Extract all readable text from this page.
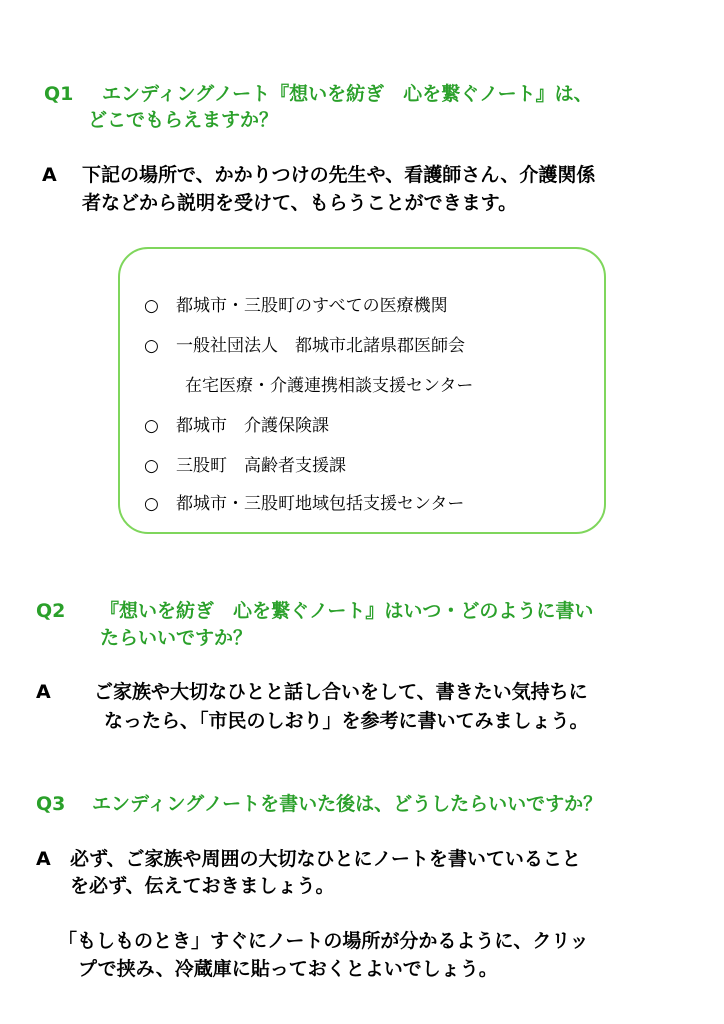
Q1 エンディングノート『想いを紡ぎ　心を繋ぐノート』は、
どこでもらえますか？
A 下記の場所で、かかりつけの先生や、看護師さん、介護関係
者などから説明を受けて、もらうことができます。
○ 都城市・三股町のすべての医療機関
○ 一般社団法人　都城市北諸県郡医師会
在宅医療・介護連携相談支援センター
○ 都城市　介護保険課
○ 三股町　高齢者支援課
○ 都城市・三股町地域包括支援センター
Q2 『想いを紡ぎ　心を繋ぐノート』はいつ・どのように書い
たらいいですか？
A ご家族や大切なひとと話し合いをして、書きたい気持ちに
なったら、「市民のしおり」を参考に書いてみましょう。
Q3 エンディングノートを書いた後は、どうしたらいいですか？
A 必ず、ご家族や周囲の大切なひとにノートを書いていること
を必ず、伝えておきましょう。
「もしものとき」すぐにノートの場所が分かるように、クリッ
プで挟み、冷蔵庫に貼っておくとよいでしょう。
